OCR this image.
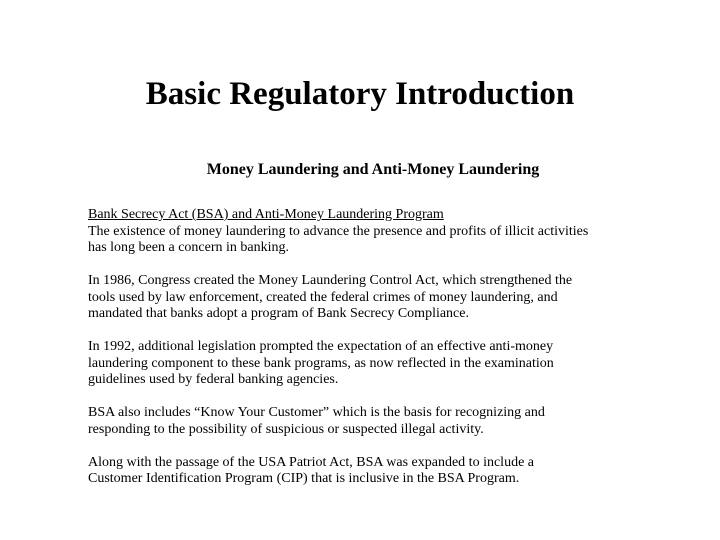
Basic Regulatory Introduction
Money Laundering and Anti-Money Laundering
Bank Secrecy Act (BSA) and Anti-Money Laundering Program

The existence of money laundering to advance the presence and profits of illicit activities
has long been a concern in banking.

In 1986, Congress created the Money Laundering Control Act, which strengthened the
tools used by law enforcement, created the federal crimes of money laundering, and
mandated that banks adopt a program of Bank Secrecy Compliance.

In 1992, additional legislation prompted the expectation of an effective anti-money
laundering component to these bank programs, as now reflected in the examination
guidelines used by federal banking agencies.

BSA also includes “Know Your Customer” which is the basis for recognizing and
responding to the possibility of suspicious or suspected illegal activity.

Along with the passage of the USA Patriot Act, BSA was expanded to include a
Customer Identification Program (CIP) that is inclusive in the BSA Program.
